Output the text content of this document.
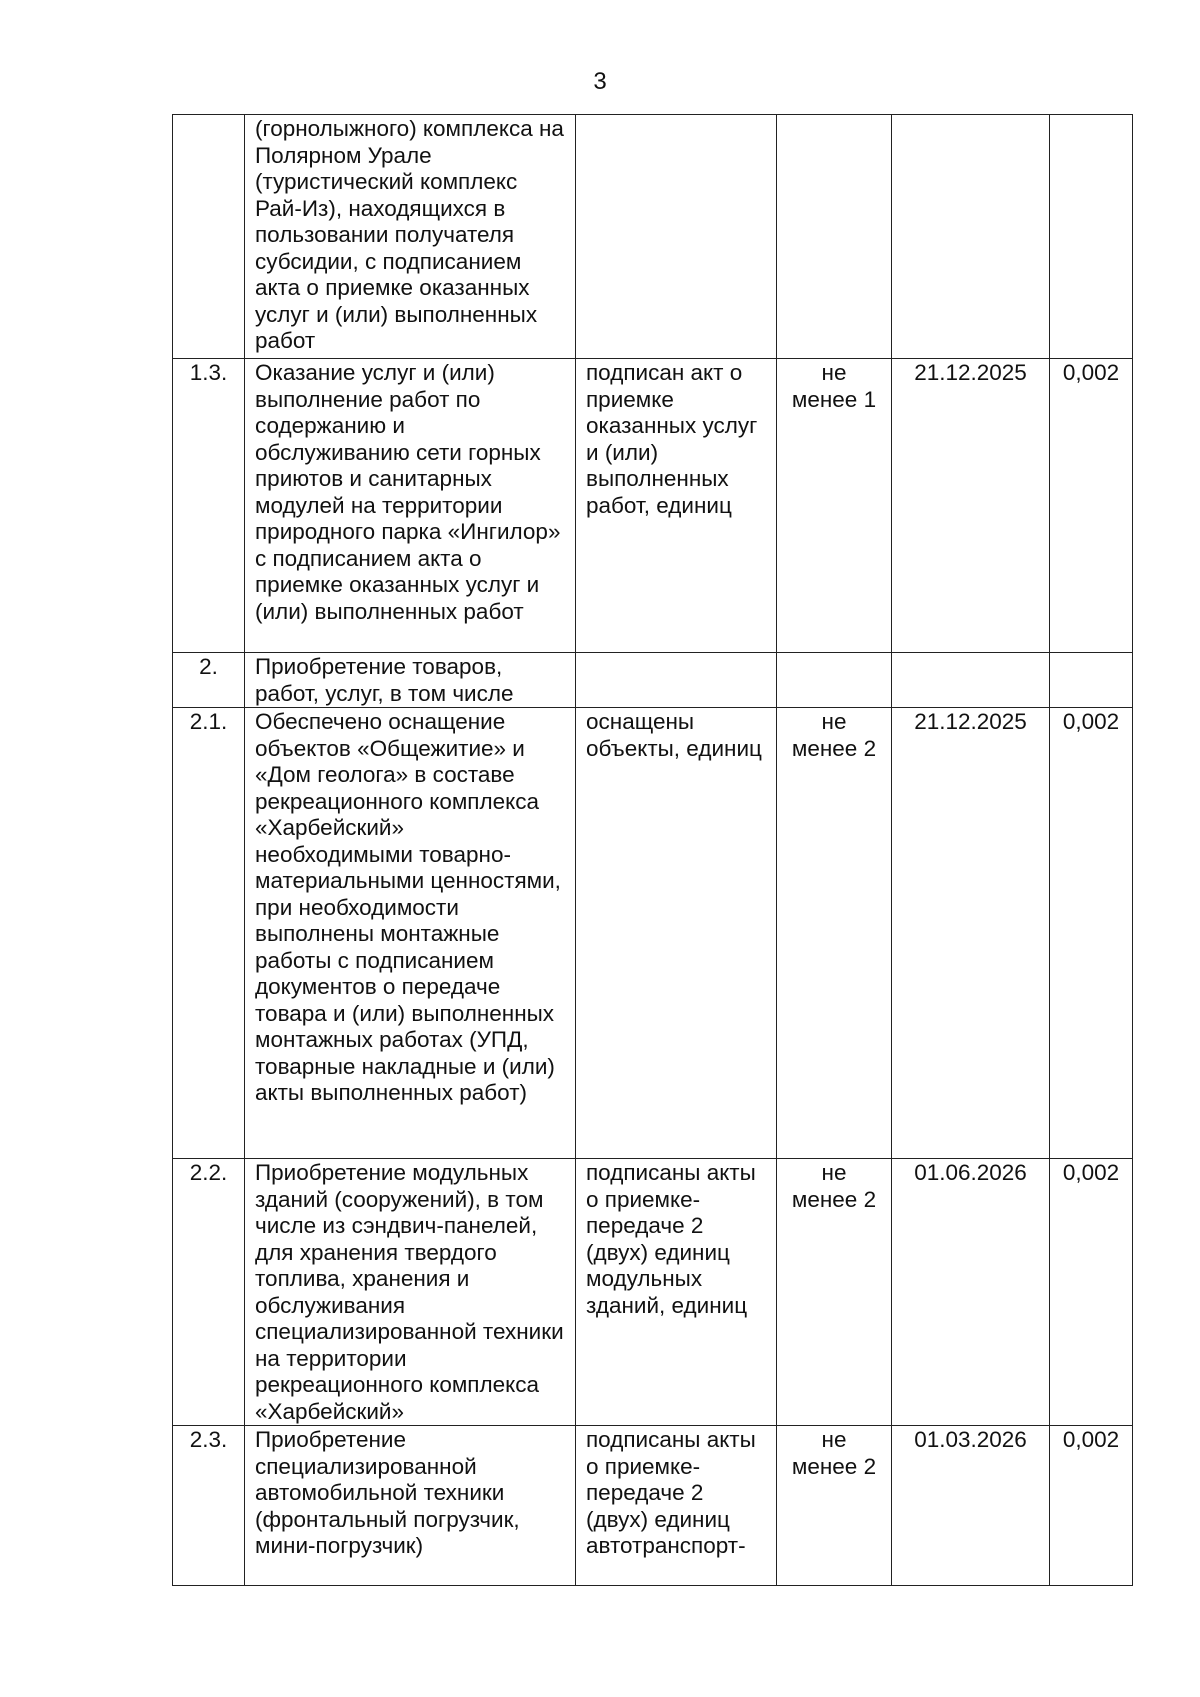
3
	(горнолыжного) комплекса на Полярном Урале (туристический комплекс Рай-Из), находящихся в пользовании получателя субсидии, с подписанием акта о приемке оказанных услуг и (или) выполненных работ				
1.3.	Оказание услуг и (или) выполнение работ по содержанию и обслуживанию сети горных приютов и санитарных модулей на территории природного парка «Ингилор» с подписанием акта о приемке оказанных услуг и (или) выполненных работ	подписан акт о приемке оказанных услуг и (или) выполненных работ, единиц	не менее 1	21.12.2025	0,002
2.	Приобретение товаров, работ, услуг, в том числе				
2.1.	Обеспечено оснащение объектов «Общежитие» и «Дом геолога» в составе рекреационного комплекса «Харбейский» необходимыми товарно-материальными ценностями, при необходимости выполнены монтажные работы с подписанием документов о передаче товара и (или) выполненных монтажных работах (УПД, товарные накладные и (или) акты выполненных работ)	оснащены объекты, единиц	не менее 2	21.12.2025	0,002
2.2.	Приобретение модульных зданий (сооружений), в том числе из сэндвич-панелей, для хранения твердого топлива, хранения и обслуживания специализированной техники на территории рекреационного комплекса «Харбейский»	подписаны акты о приемке-передаче 2 (двух) единиц модульных зданий, единиц	не менее 2	01.06.2026	0,002
2.3.	Приобретение специализированной автомобильной техники (фронтальный погрузчик, мини-погрузчик)	подписаны акты о приемке-передаче 2 (двух) единиц автотранспорт-	не менее 2	01.03.2026	0,002
